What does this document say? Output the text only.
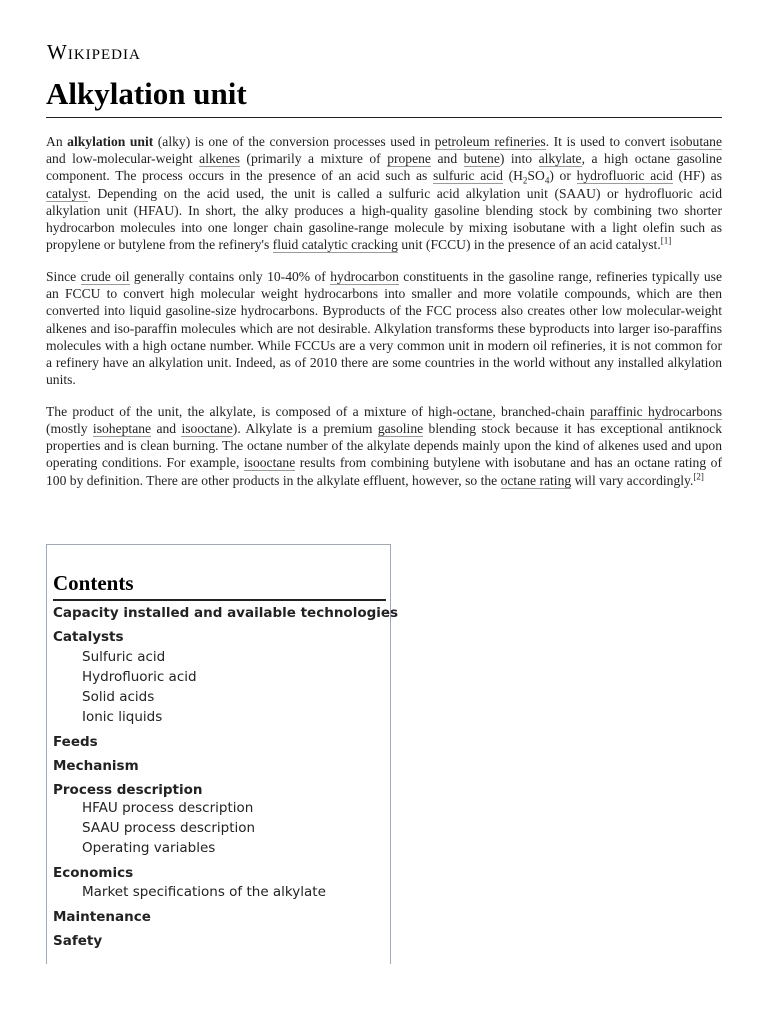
Wikipedia
Alkylation unit

An alkylation unit (alky) is one of the conversion processes used in petroleum refineries. It is used to convert isobutane and low-molecular-weight alkenes (primarily a mixture of propene and butene) into alkylate, a high octane gasoline component. The process occurs in the presence of an acid such as sulfuric acid $(H_2SO_4)$ or hydrofluoric acid (HF) as catalyst. Depending on the acid used, the unit is called a sulfuric acid alkylation unit (SAAU) or hydrofluoric acid alkylation unit (HFAU). In short, the alky produces a high-quality gasoline blending stock by combining two shorter hydrocarbon molecules into one longer chain gasoline-range molecule by mixing isobutane with a light olefin such as propylene or butylene from the refinery's fluid catalytic cracking unit (FCCU) in the presence of an acid catalyst.[1]

Since crude oil generally contains only 10-40% of hydrocarbon constituents in the gasoline range, refineries typically use an FCCU to convert high molecular weight hydrocarbons into smaller and more volatile compounds, which are then converted into liquid gasoline-size hydrocarbons. Byproducts of the FCC process also creates other low molecular-weight alkenes and iso-paraffin molecules which are not desirable. Alkylation transforms these byproducts into larger iso-paraffins molecules with a high octane number. While FCCUs are a very common unit in modern oil refineries, it is not common for a refinery have an alkylation unit. Indeed, as of 2010 there are some countries in the world without any installed alkylation units.

The product of the unit, the alkylate, is composed of a mixture of high-octane, branched-chain paraffinic hydrocarbons (mostly isoheptane and isooctane). Alkylate is a premium gasoline blending stock because it has exceptional antiknock properties and is clean burning. The octane number of the alkylate depends mainly upon the kind of alkenes used and upon operating conditions. For example, isooctane results from combining butylene with isobutane and has an octane rating of 100 by definition. There are other products in the alkylate effluent, however, so the octane rating will vary accordingly.[2]

Contents
Capacity installed and available technologies
Catalysts
Sulfuric acid
Hydrofluoric acid
Solid acids
Ionic liquids
Feeds
Mechanism
Process description
HFAU process description
SAAU process description
Operating variables
Economics
Market specifications of the alkylate
Maintenance
Safety
